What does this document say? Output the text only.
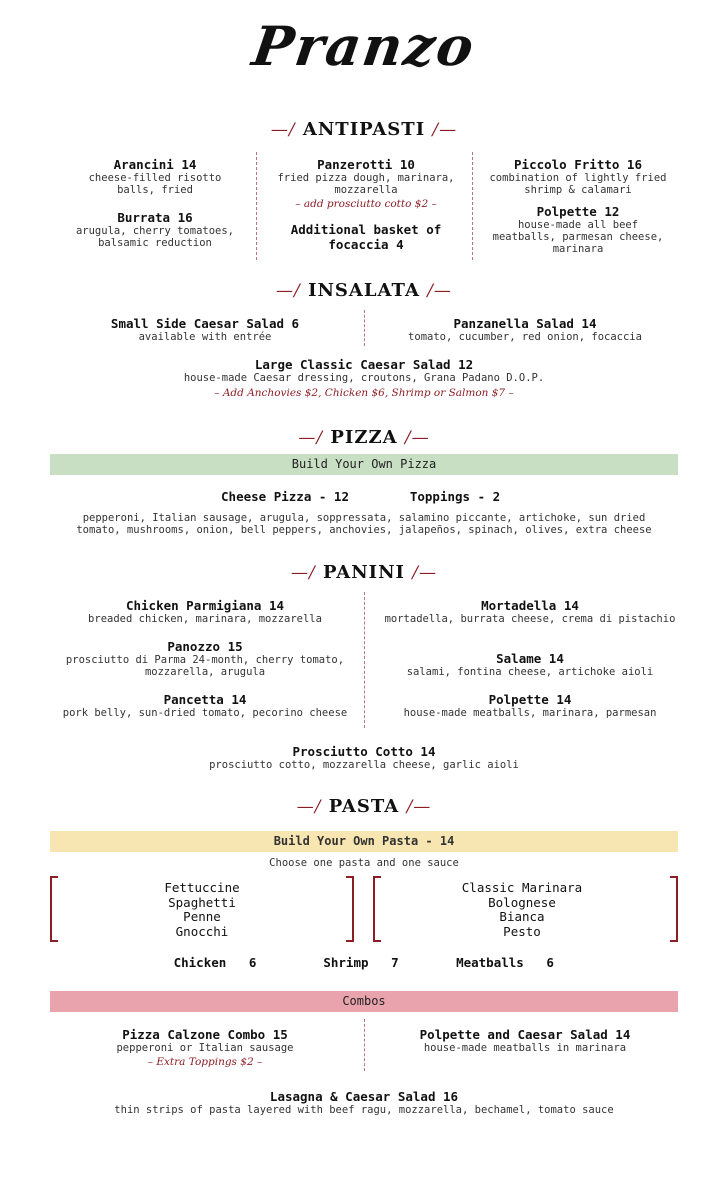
Pranzo
—/ ANTIPASTI /—
Arancini 14
cheese-filled risotto balls, fried
Burrata 16
arugula, cherry tomatoes, balsamic reduction
Panzerotti 10
fried pizza dough, marinara, mozzarella
– add prosciutto cotto $2 –
Additional basket of focaccia 4
Piccolo Fritto 16
combination of lightly fried shrimp & calamari
Polpette 12
house-made all beef meatballs, parmesan cheese, marinara
—/ INSALATA /—
Small Side Caesar Salad 6
available with entrée
Panzanella Salad 14
tomato, cucumber, red onion, focaccia
Large Classic Caesar Salad 12
house-made Caesar dressing, croutons, Grana Padano D.O.P.
– Add Anchovies $2, Chicken $6, Shrimp or Salmon $7 –
—/ PIZZA /—
Build Your Own Pizza
Cheese Pizza - 12	Toppings - 2
pepperoni, Italian sausage, arugula, soppressata, salamino piccante, artichoke, sun dried tomato, mushrooms, onion, bell peppers, anchovies, jalapeños, spinach, olives, extra cheese
—/ PANINI /—
Chicken Parmigiana 14
breaded chicken, marinara, mozzarella
Panozzo 15
prosciutto di Parma 24-month, cherry tomato, mozzarella, arugula
Pancetta 14
pork belly, sun-dried tomato, pecorino cheese
Mortadella 14
mortadella, burrata cheese, crema di pistachio
Salame 14
salami, fontina cheese, artichoke aioli
Polpette 14
house-made meatballs, marinara, parmesan
Prosciutto Cotto 14
prosciutto cotto, mozzarella cheese, garlic aioli
—/ PASTA /—
Build Your Own Pasta - 14
Choose one pasta and one sauce
Fettuccine
Spaghetti
Penne
Gnocchi
Classic Marinara
Bolognese
Bianca
Pesto
Chicken 6	Shrimp 7	Meatballs 6
Combos
Pizza Calzone Combo 15
pepperoni or Italian sausage
– Extra Toppings $2 –
Polpette and Caesar Salad 14
house-made meatballs in marinara
Lasagna & Caesar Salad 16
thin strips of pasta layered with beef ragu, mozzarella, bechamel, tomato sauce
